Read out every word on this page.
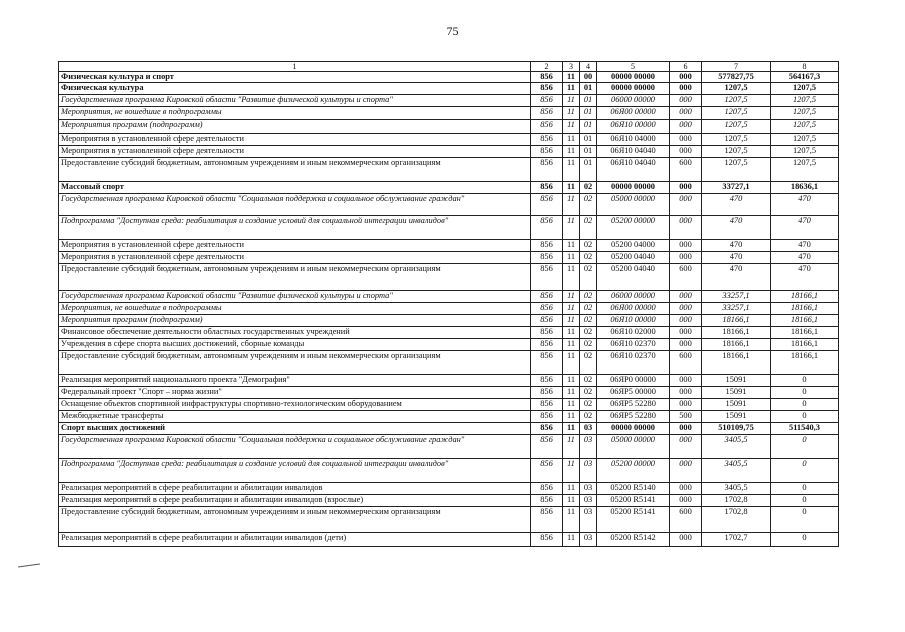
75
1	2	3	4	5	6	7	8
Физическая культура и спорт	856	11	00	00000 00000	000	577827,75	564167,3
Физическая культура	856	11	01	00000 00000	000	1207,5	1207,5
Государственная программа Кировской области "Развитие физической культуры и спорта"	856	11	01	06000 00000	000	1207,5	1207,5
Мероприятия, не вошедшие в подпрограммы	856	11	01	06Я00 00000	000	1207,5	1207,5
Мероприятия программ (подпрограмм)	856	11	01	06Я10 00000	000	1207,5	1207,5
Мероприятия в установленной сфере деятельности	856	11	01	06Я10 04000	000	1207,5	1207,5
Мероприятия в установленной сфере деятельности	856	11	01	06Я10 04040	000	1207,5	1207,5
Предоставление субсидий бюджетным, автономным учреждениям и иным некоммерческим организациям	856	11	01	06Я10 04040	600	1207,5	1207,5
Массовый спорт	856	11	02	00000 00000	000	33727,1	18636,1
Государственная программа Кировской области "Социальная поддержка и социальное обслуживание граждан"	856	11	02	05000 00000	000	470	470
Подпрограмма "Доступная среда: реабилитация и создание условий для социальной интеграции инвалидов"	856	11	02	05200 00000	000	470	470
Мероприятия в установленной сфере деятельности	856	11	02	05200 04000	000	470	470
Мероприятия в установленной сфере деятельности	856	11	02	05200 04040	000	470	470
Предоставление субсидий бюджетным, автономным учреждениям и иным некоммерческим организациям	856	11	02	05200 04040	600	470	470
Государственная программа Кировской области "Развитие физической культуры и спорта"	856	11	02	06000 00000	000	33257,1	18166,1
Мероприятия, не вошедшие в подпрограммы	856	11	02	06Я00 00000	000	33257,1	18166,1
Мероприятия программ (подпрограмм)	856	11	02	06Я10 00000	000	18166,1	18166,1
Финансовое обеспечение деятельности областных государственных учреждений	856	11	02	06Я10 02000	000	18166,1	18166,1
Учреждения в сфере спорта высших достижений, сборные команды	856	11	02	06Я10 02370	000	18166,1	18166,1
Предоставление субсидий бюджетным, автономным учреждениям и иным некоммерческим организациям	856	11	02	06Я10 02370	600	18166,1	18166,1
Реализация мероприятий национального проекта "Демография"	856	11	02	06ЯР0 00000	000	15091	0
Федеральный проект "Спорт – норма жизни"	856	11	02	06ЯР5 00000	000	15091	0
Оснащение объектов спортивной инфраструктуры спортивно-технологическим оборудованием	856	11	02	06ЯР5 52280	000	15091	0
Межбюджетные трансферты	856	11	02	06ЯР5 52280	500	15091	0
Спорт высших достижений	856	11	03	00000 00000	000	510109,75	511540,3
Государственная программа Кировской области "Социальная поддержка и социальное обслуживание граждан"	856	11	03	05000 00000	000	3405,5	0
Подпрограмма "Доступная среда: реабилитация и создание условий для социальной интеграции инвалидов"	856	11	03	05200 00000	000	3405,5	0
Реализация мероприятий в сфере реабилитации и абилитации инвалидов	856	11	03	05200 R5140	000	3405,5	0
Реализация мероприятий в сфере реабилитации и абилитации инвалидов (взрослые)	856	11	03	05200 R5141	000	1702,8	0
Предоставление субсидий бюджетным, автономным учреждениям и иным некоммерческим организациям	856	11	03	05200 R5141	600	1702,8	0
Реализация мероприятий в сфере реабилитации и абилитации инвалидов (дети)	856	11	03	05200 R5142	000	1702,7	0
